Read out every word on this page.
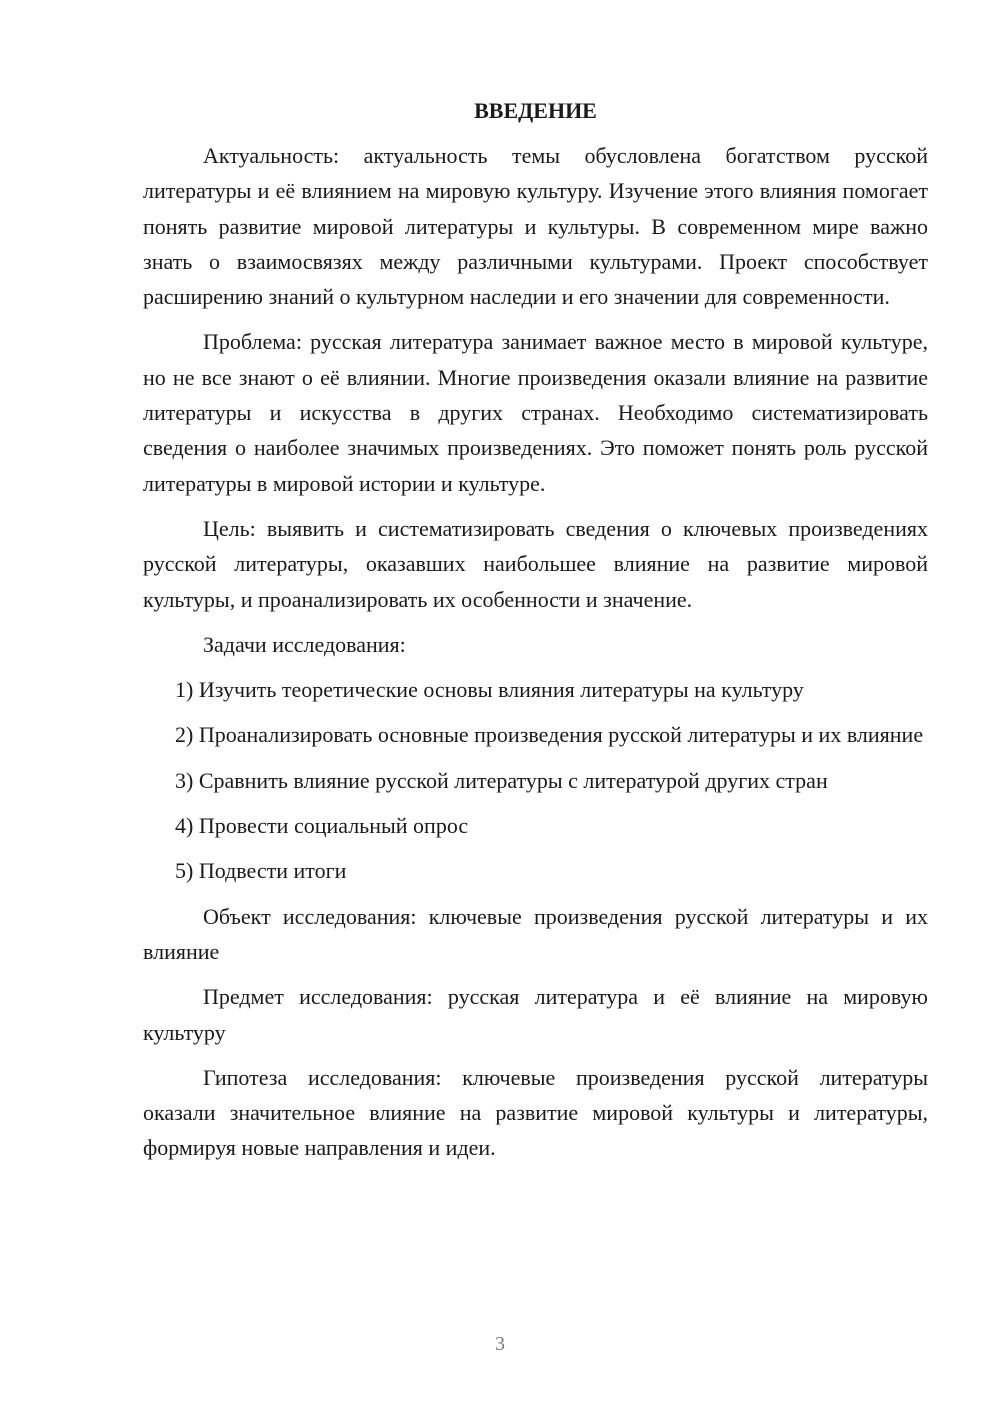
ВВЕДЕНИЕ

Актуальность: актуальность темы обусловлена богатством русской литературы и её влиянием на мировую культуру. Изучение этого влияния помогает понять развитие мировой литературы и культуры. В современном мире важно знать о взаимосвязях между различными культурами. Проект способствует расширению знаний о культурном наследии и его значении для современности.

Проблема: русская литература занимает важное место в мировой культуре, но не все знают о её влиянии. Многие произведения оказали влияние на развитие литературы и искусства в других странах. Необходимо систематизировать сведения о наиболее значимых произведениях. Это поможет понять роль русской литературы в мировой истории и культуре.

Цель: выявить и систематизировать сведения о ключевых произведениях русской литературы, оказавших наибольшее влияние на развитие мировой культуры, и проанализировать их особенности и значение.

Задачи исследования:

1) Изучить теоретические основы влияния литературы на культуру

2) Проанализировать основные произведения русской литературы и их влияние

3) Сравнить влияние русской литературы с литературой других стран

4) Провести социальный опрос

5) Подвести итоги

Объект исследования: ключевые произведения русской литературы и их влияние

Предмет исследования: русская литература и её влияние на мировую культуру

Гипотеза исследования: ключевые произведения русской литературы оказали значительное влияние на развитие мировой культуры и литературы, формируя новые направления и идеи.

3
